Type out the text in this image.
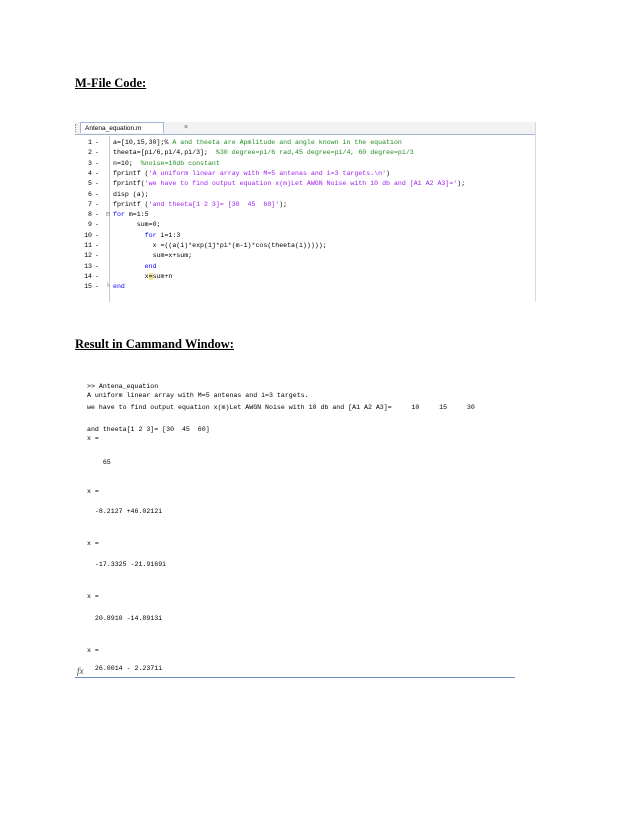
M-File Code:
Antena_equation.m	×
1 - a=[10,15,30];% A and theeta are Apmlitude and angle known in the equation
2 - theeta=[pi/6,pi/4,pi/3];  %30 degree=pi/6 rad,45 degree=pi/4, 60 degree=pi/3
3 - n=10;  %noise=10db constant
4 - fprintf ('A uniform linear array with M=5 antenas and i=3 targets.\n')
5 - fprintf('we have to find output equation x(m)Let AWGN Noise with 10 db and [A1 A2 A3]=');
6 - disp (a);
7 - fprintf ('and theeta[1 2 3]= [30  45  60]');
8 - ⊟ for m=1:5
9 - sum=0;
10 -	for i=1:3
11 - x =((a(i)*exp(1j*pi*(m-1)*cos(theeta(i)))));
12 - sum=x+sum;
13 -	end
14 - x=sum+n
15 - └ end
Result in Cammand Window:
>> Antena_equation
A uniform linear array with M=5 antenas and i=3 targets.
we have to find output equation x(m)Let AWGN Noise with 10 db and [A1 A2 A3]=     10     15     30
and theeta[1 2 3]= [30  45  60]
x =
65
x =
-8.2127 +46.0212i
x =
-17.3325 -21.9169i
x =
20.8910 -14.8913i
x =
26.0014 - 2.2371i
fx
